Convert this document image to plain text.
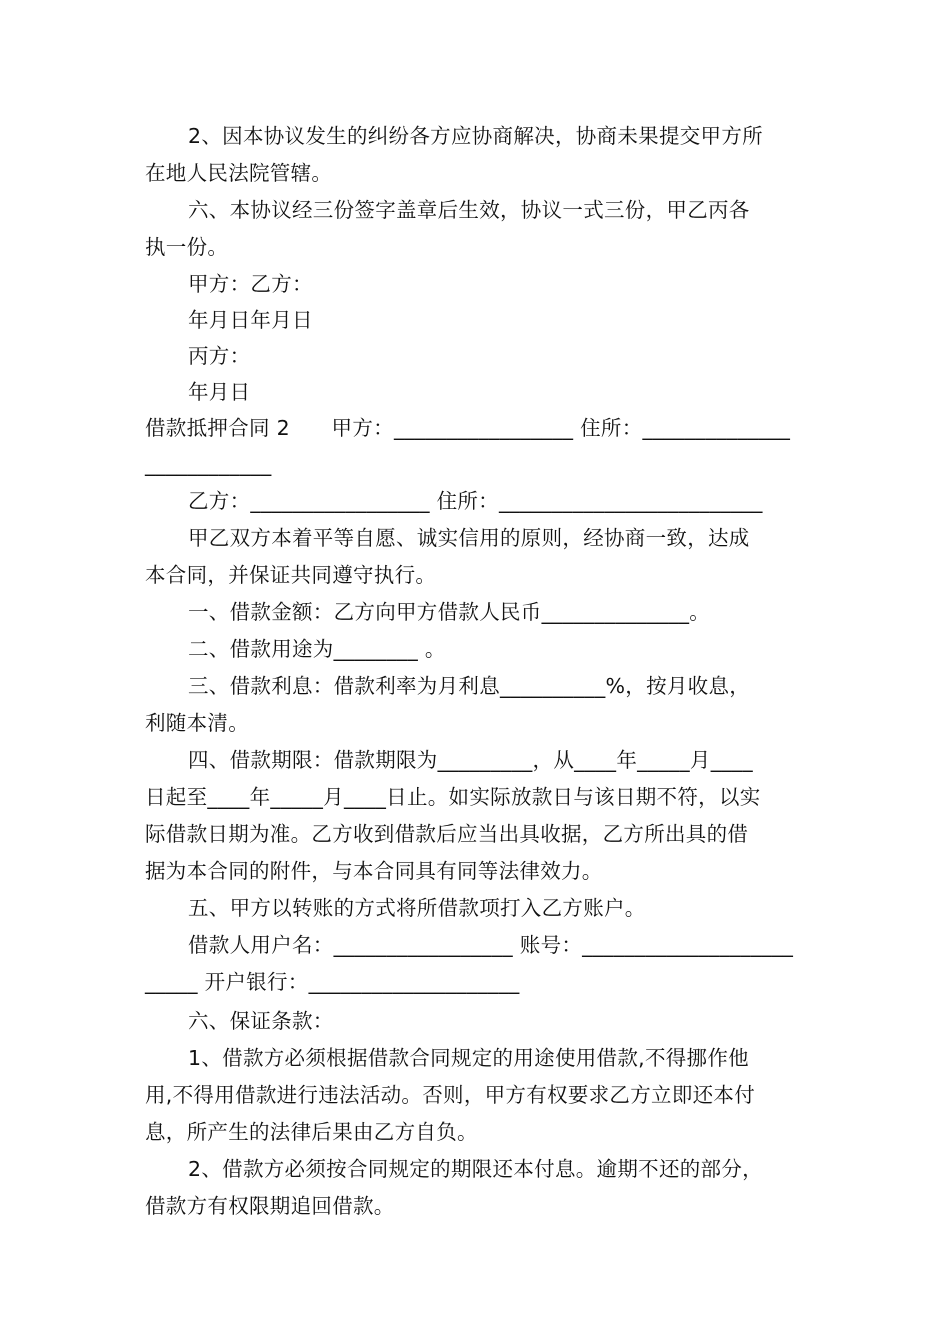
2、因本协议发生的纠纷各方应协商解决，协商未果提交甲方所
在地人民法院管辖。
六、本协议经三份签字盖章后生效，协议一式三份，甲乙丙各
执一份。
甲方：乙方：
年月日年月日
丙方：
年月日
借款抵押合同 2　　甲方：_________________ 住所：______________
____________
乙方：_________________ 住所：_________________________
甲乙双方本着平等自愿、诚实信用的原则，经协商一致，达成
本合同，并保证共同遵守执行。
一、借款金额：乙方向甲方借款人民币______________。
二、借款用途为________ 。
三、借款利息：借款利率为月利息__________%，按月收息，
利随本清。
四、借款期限：借款期限为_________，从____年_____月____
日起至____年_____月____日止。如实际放款日与该日期不符，以实
际借款日期为准。乙方收到借款后应当出具收据，乙方所出具的借
据为本合同的附件，与本合同具有同等法律效力。
五、甲方以转账的方式将所借款项打入乙方账户。
借款人用户名：_________________ 账号：____________________
_____ 开户银行：____________________
六、保证条款：
1、借款方必须根据借款合同规定的用途使用借款,不得挪作他
用,不得用借款进行违法活动。否则，甲方有权要求乙方立即还本付
息，所产生的法律后果由乙方自负。
2、借款方必须按合同规定的期限还本付息。逾期不还的部分，
借款方有权限期追回借款。
